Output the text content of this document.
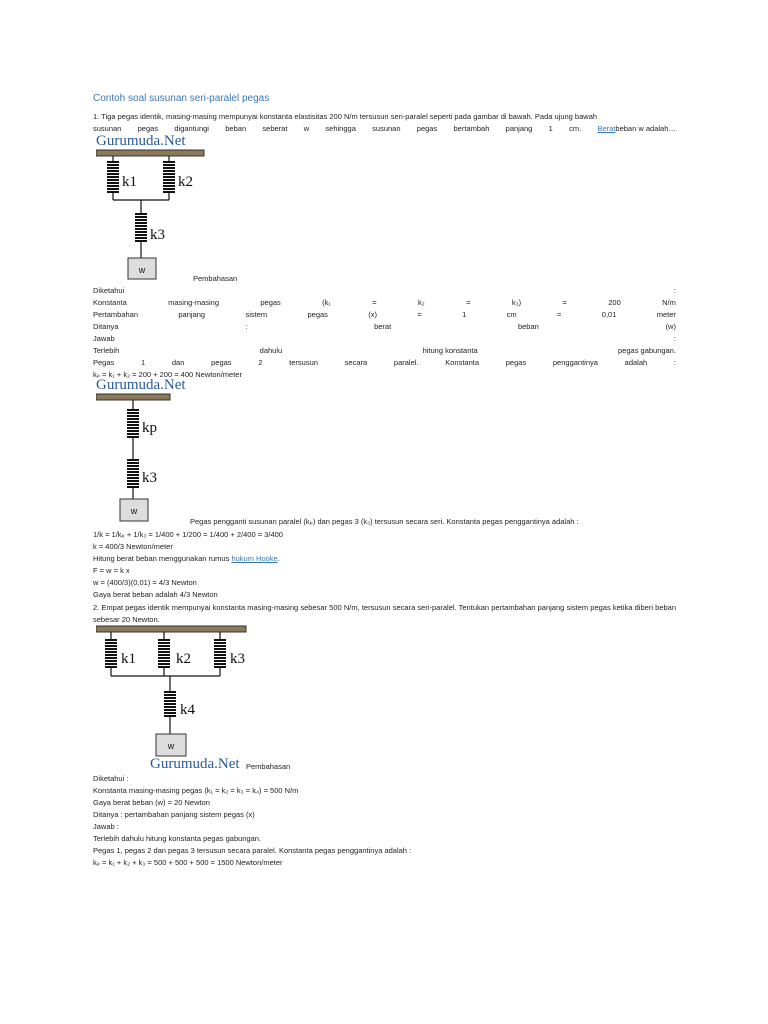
Contoh soal susunan seri-paralel pegas
1. Tiga pegas identik, masing-masing mempunyai konstanta elastisitas 200 N/m tersusun seri-paralel seperti pada gambar di bawah. Pada ujung bawah
susunan pegas digantungi beban seberat w sehingga susunan pegas bertambah panjang 1 cm. Beratbeban w adalah…
Gurumuda.Net
k1	k2
k3
w
Pembahasan
Diketahui	:
Konstanta	masing-masing	pegas	(k₁	=	k₂	=	k₃)	=	200	N/m
Pertambahan	panjang	sistem	pegas	(x)	=	1	cm	=	0,01	meter
Ditanya	:	berat	beban	(w)
Jawab	:
Terlebih	dahulu	hitung konstanta	pegas gabungan.
Pegas	1	dan	pegas	2	tersusun	secara	paralel.	Konstanta	pegas	penggantinya	adalah	:
kₚ = k₁ + k₂ = 200 + 200 = 400 Newton/meter
Gurumuda.Net
kp
k3
w
Pegas pengganti susunan paralel (kₚ) dan pegas 3 (k₃) tersusun secara seri. Konstanta pegas penggantinya adalah :
1/k = 1/kₚ + 1/k₃ = 1/400 + 1/200 = 1/400 + 2/400 = 3/400
k = 400/3 Newton/meter
Hitung berat beban menggunakan rumus hukum Hooke.
F = w = k x
w = (400/3)(0,01) = 4/3 Newton
Gaya berat beban adalah 4/3 Newton
2. Empat pegas identik mempunyai konstanta masing-masing sebesar 500 N/m, tersusun secara seri-paralel. Tentukan pertambahan panjang sistem pegas ketika diberi beban sebesar 20 Newton.
k1	k2	k3
k4
w
Gurumuda.Net Pembahasan
Diketahui :
Konstanta masing-masing pegas (k₁ = k₂ = k₃ = k₄) = 500 N/m
Gaya berat beban (w) = 20 Newton
Ditanya : pertambahan panjang sistem pegas (x)
Jawab :
Terlebih dahulu hitung konstanta pegas gabungan.
Pegas 1, pegas 2 dan pegas 3 tersusun secara paralel. Konstanta pegas penggantinya adalah :
kₚ = k₁ + k₂ + k₃ = 500 + 500 + 500 = 1500 Newton/meter
